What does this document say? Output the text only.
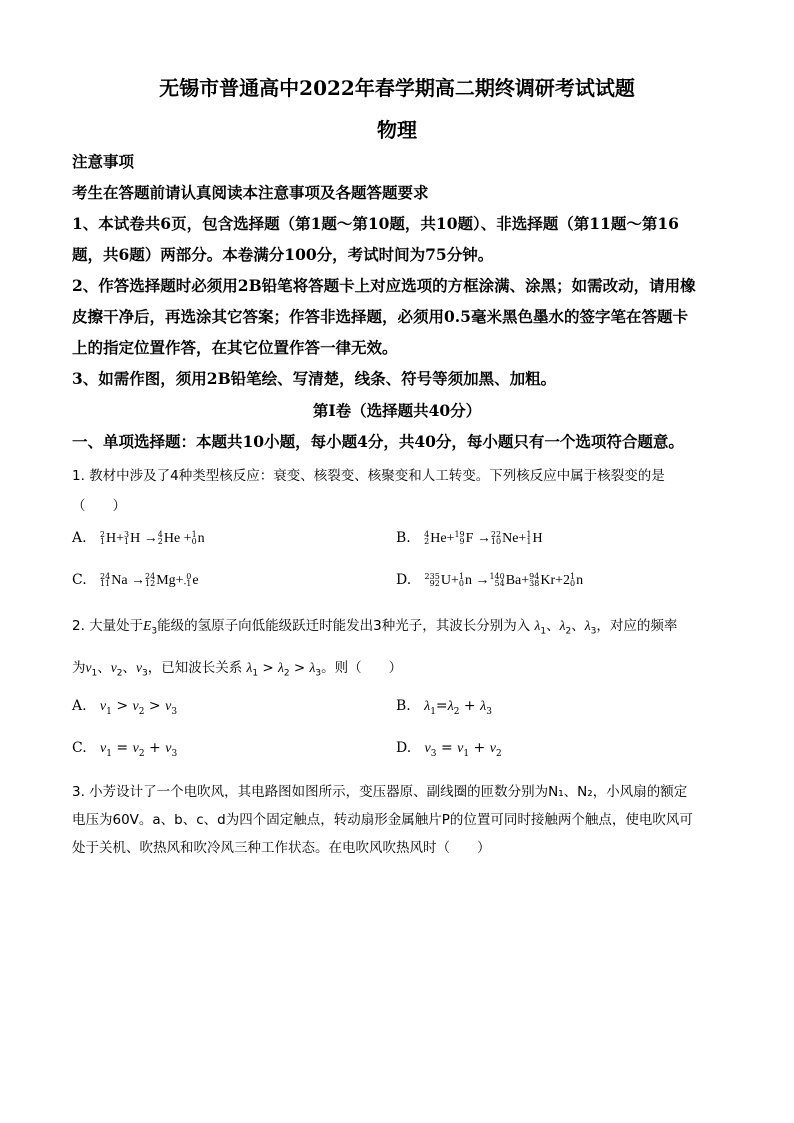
无锡市普通高中2022年春学期高二期终调研考试试题
物理
注意事项
考生在答题前请认真阅读本注意事项及各题答题要求
1、本试卷共6页，包含选择题（第1题～第10题，共10题）、非选择题（第11题～第16
题，共6题）两部分。本卷满分100分，考试时间为75分钟。
2、作答选择题时必须用2B铅笔将答题卡上对应选项的方框涂满、涂黑；如需改动，请用橡
皮擦干净后，再选涂其它答案；作答非选择题，必须用0.5毫米黑色墨水的签字笔在答题卡
上的指定位置作答，在其它位置作答一律无效。
3、如需作图，须用2B铅笔绘、写清楚，线条、符号等须加黑、加粗。
第Ⅰ卷（选择题共40分）
一、单项选择题：本题共10小题，每小题4分，共40分，每小题只有一个选项符合题意。
1. 教材中涉及了4种类型核反应：衰变、核裂变、核聚变和人工转变。下列核反应中属于核裂变的是
（　　）
A. 2
1 H+ 3
1 H → 4
2 He + 1
0 n	B. 4
2 He+ 19
9 F → 22
10 Ne+ 1
1 H
C. 24
11 Na → 24
12 Mg+ 0
-1 e	D. 235
92 U+ 1
0 n → 140
54 Ba+ 94
38 Kr+2 1
0 n
2. 大量处于$E_3$能级的氢原子向低能级跃迁时能发出3种光子，其波长分别为入 $\lambda_1$、$\lambda_2$、$\lambda_3$，对应的频率
为$\nu_1$、$\nu_2$、$\nu_3$，已知波长关系 $\lambda_1 > \lambda_2 > \lambda_3$。则（　　）
A. $\nu_1 > \nu_2 > \nu_3$	B. $\lambda_1=\lambda_2 + \lambda_3$
C. $\nu_1 = \nu_2 + \nu_3$	D. $\nu_3 = \nu_1 + \nu_2$
3. 小芳设计了一个电吹风，其电路图如图所示，变压器原、副线圈的匝数分别为N₁、N₂，小风扇的额定
电压为60V。a、b、c、d为四个固定触点，转动扇形金属触片P的位置可同时接触两个触点，使电吹风可
处于关机、吹热风和吹冷风三种工作状态。在电吹风吹热风时（　　）
